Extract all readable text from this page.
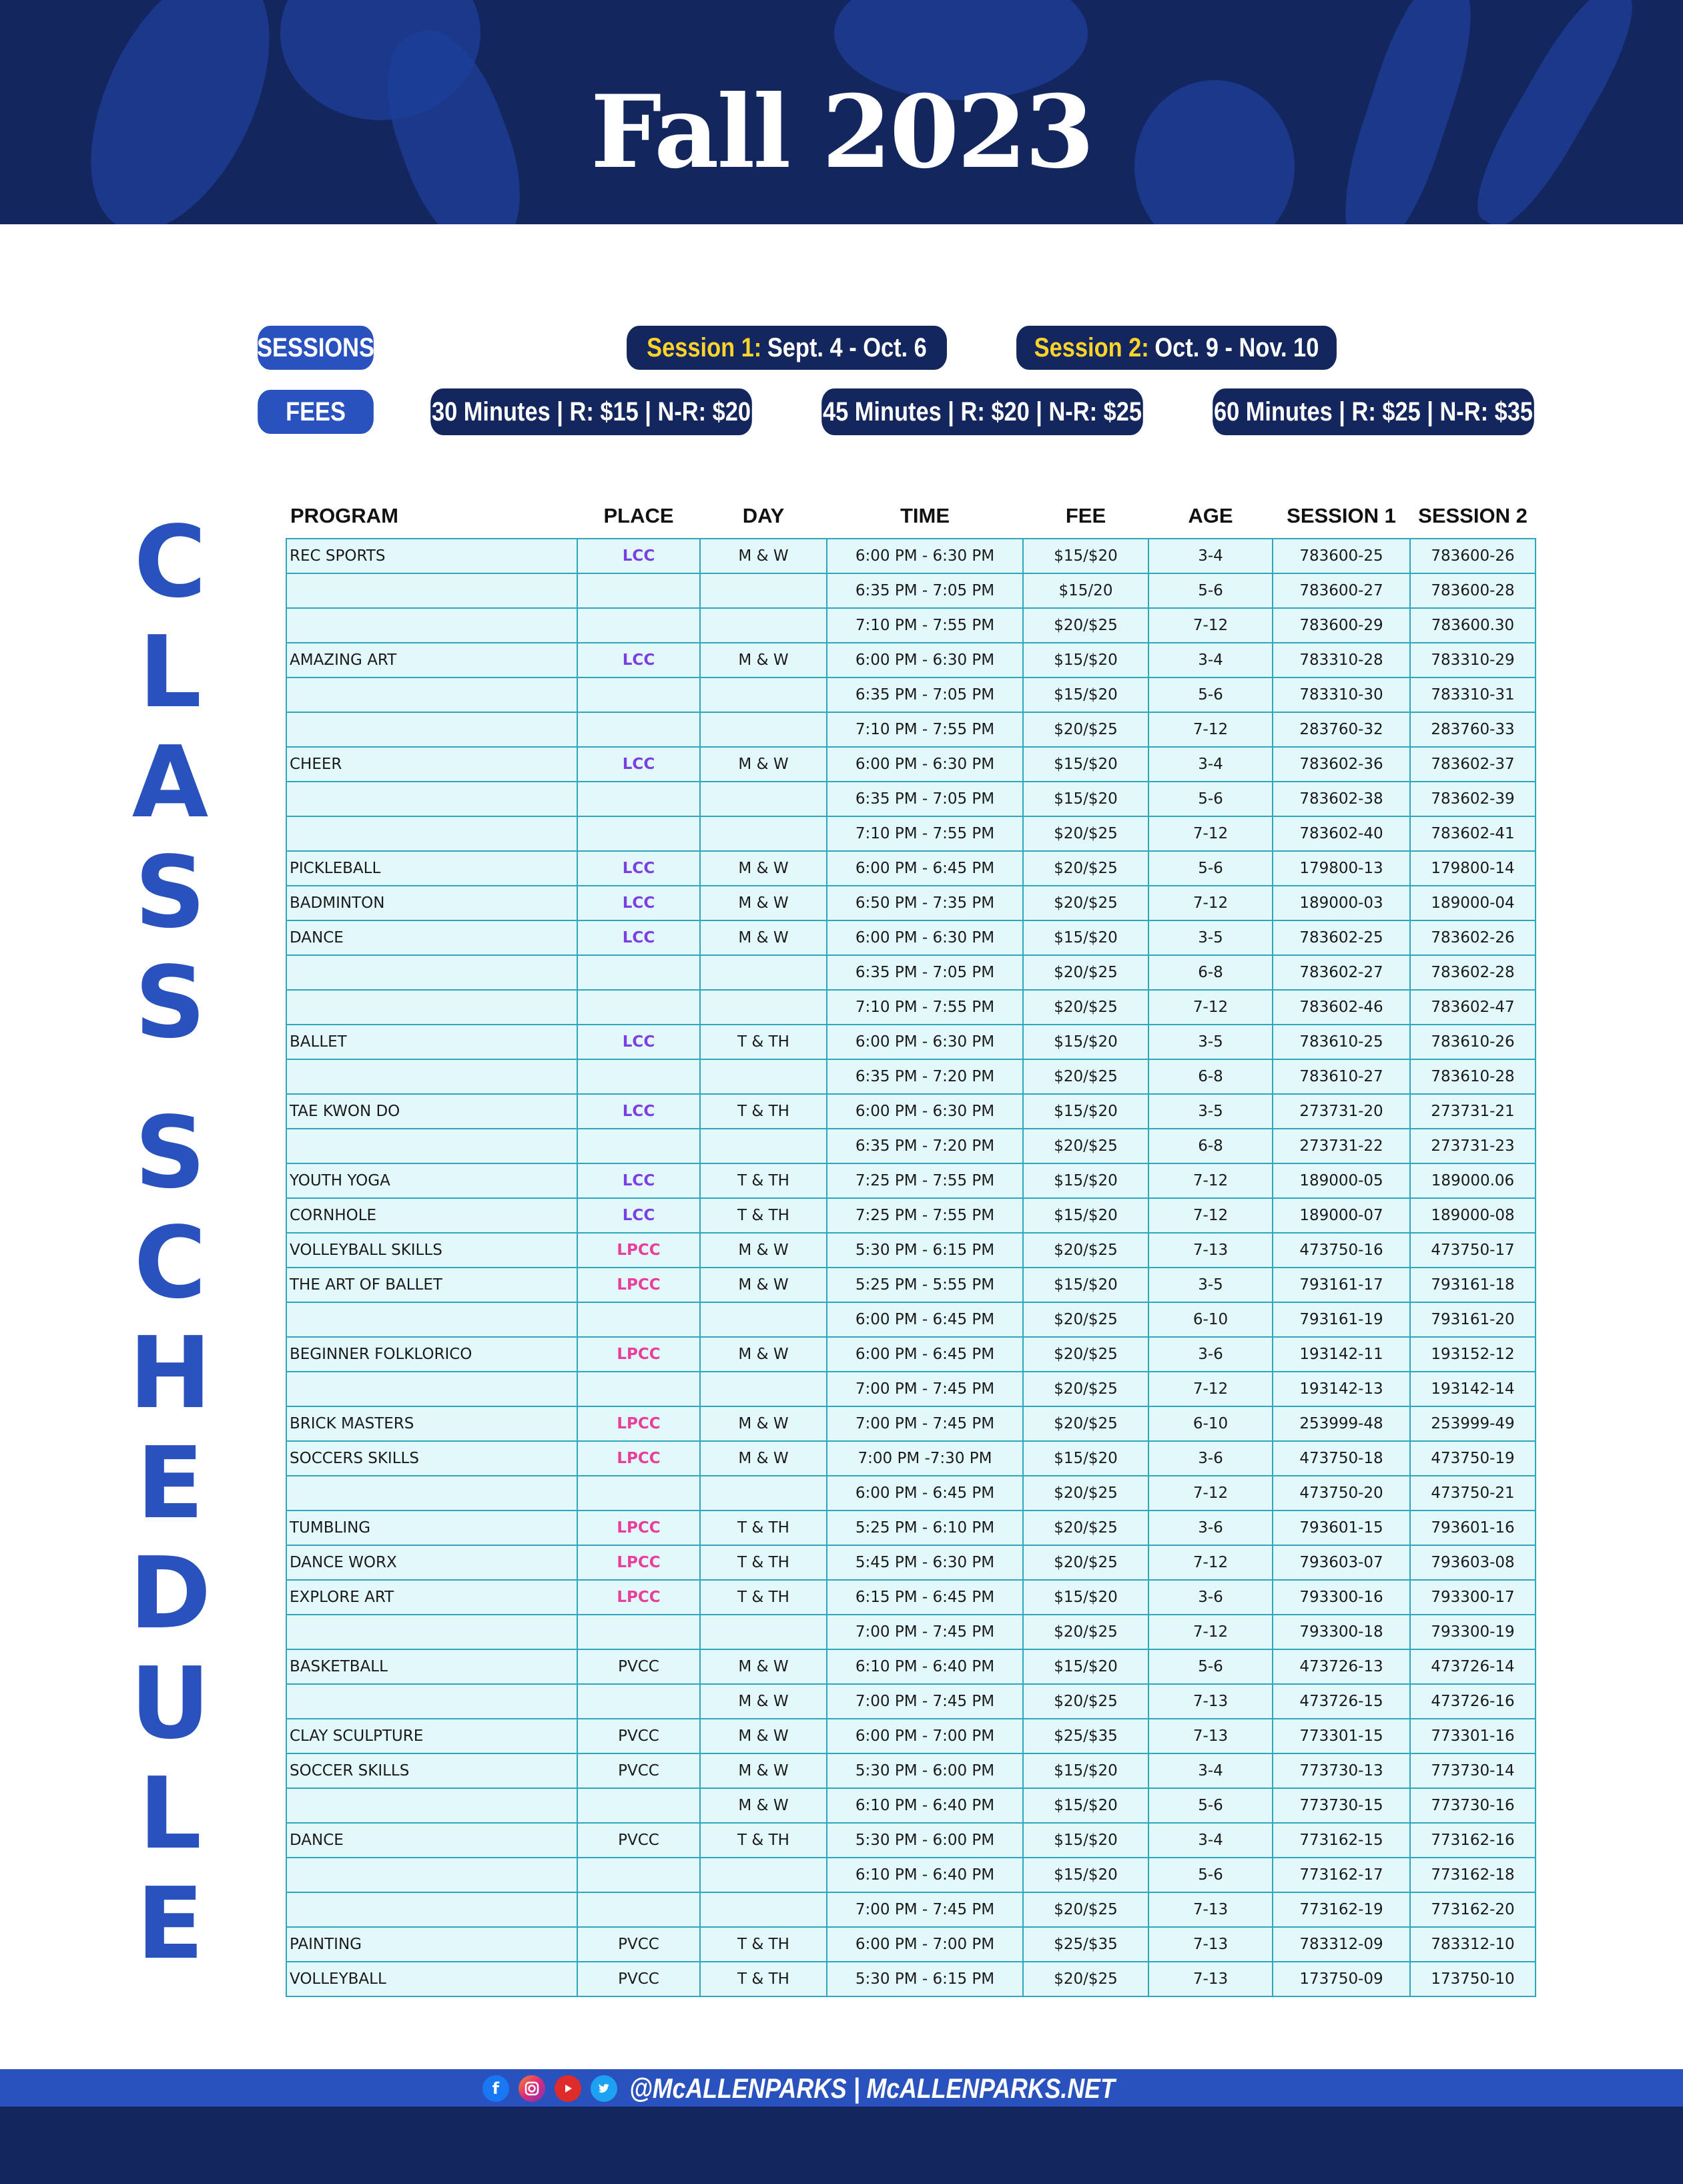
Fall 2023
SESSIONS	Session 1: Sept. 4 - Oct. 6	Session 2: Oct. 9 - Nov. 10
FEES	30 Minutes | R: $15 | N-R: $20	45 Minutes | R: $20 | N-R: $25	60 Minutes | R: $25 | N-R: $35
C
L
A
S
S
S
C
H
E
D
U
L
E
PROGRAM	PLACE	DAY	TIME	FEE	AGE	SESSION 1	SESSION 2
REC SPORTS	LCC	M & W	6:00 PM - 6:30 PM	$15/$20	3-4	783600-25	783600-26
			6:35 PM - 7:05 PM	$15/20	5-6	783600-27	783600-28
			7:10 PM - 7:55 PM	$20/$25	7-12	783600-29	783600.30
AMAZING ART	LCC	M & W	6:00 PM - 6:30 PM	$15/$20	3-4	783310-28	783310-29
			6:35 PM - 7:05 PM	$15/$20	5-6	783310-30	783310-31
			7:10 PM - 7:55 PM	$20/$25	7-12	283760-32	283760-33
CHEER	LCC	M & W	6:00 PM - 6:30 PM	$15/$20	3-4	783602-36	783602-37
			6:35 PM - 7:05 PM	$15/$20	5-6	783602-38	783602-39
			7:10 PM - 7:55 PM	$20/$25	7-12	783602-40	783602-41
PICKLEBALL	LCC	M & W	6:00 PM - 6:45 PM	$20/$25	5-6	179800-13	179800-14
BADMINTON	LCC	M & W	6:50 PM - 7:35 PM	$20/$25	7-12	189000-03	189000-04
DANCE	LCC	M & W	6:00 PM - 6:30 PM	$15/$20	3-5	783602-25	783602-26
			6:35 PM - 7:05 PM	$20/$25	6-8	783602-27	783602-28
			7:10 PM - 7:55 PM	$20/$25	7-12	783602-46	783602-47
BALLET	LCC	T & TH	6:00 PM - 6:30 PM	$15/$20	3-5	783610-25	783610-26
			6:35 PM - 7:20 PM	$20/$25	6-8	783610-27	783610-28
TAE KWON DO	LCC	T & TH	6:00 PM - 6:30 PM	$15/$20	3-5	273731-20	273731-21
			6:35 PM - 7:20 PM	$20/$25	6-8	273731-22	273731-23
YOUTH YOGA	LCC	T & TH	7:25 PM - 7:55 PM	$15/$20	7-12	189000-05	189000.06
CORNHOLE	LCC	T & TH	7:25 PM - 7:55 PM	$15/$20	7-12	189000-07	189000-08
VOLLEYBALL SKILLS	LPCC	M & W	5:30 PM - 6:15 PM	$20/$25	7-13	473750-16	473750-17
THE ART OF BALLET	LPCC	M & W	5:25 PM - 5:55 PM	$15/$20	3-5	793161-17	793161-18
			6:00 PM - 6:45 PM	$20/$25	6-10	793161-19	793161-20
BEGINNER FOLKLORICO	LPCC	M & W	6:00 PM - 6:45 PM	$20/$25	3-6	193142-11	193152-12
			7:00 PM - 7:45 PM	$20/$25	7-12	193142-13	193142-14
BRICK MASTERS	LPCC	M & W	7:00 PM - 7:45 PM	$20/$25	6-10	253999-48	253999-49
SOCCERS SKILLS	LPCC	M & W	7:00 PM -7:30 PM	$15/$20	3-6	473750-18	473750-19
			6:00 PM - 6:45 PM	$20/$25	7-12	473750-20	473750-21
TUMBLING	LPCC	T & TH	5:25 PM - 6:10 PM	$20/$25	3-6	793601-15	793601-16
DANCE WORX	LPCC	T & TH	5:45 PM - 6:30 PM	$20/$25	7-12	793603-07	793603-08
EXPLORE ART	LPCC	T & TH	6:15 PM - 6:45 PM	$15/$20	3-6	793300-16	793300-17
			7:00 PM - 7:45 PM	$20/$25	7-12	793300-18	793300-19
BASKETBALL	PVCC	M & W	6:10 PM - 6:40 PM	$15/$20	5-6	473726-13	473726-14
		M & W	7:00 PM - 7:45 PM	$20/$25	7-13	473726-15	473726-16
CLAY SCULPTURE	PVCC	M & W	6:00 PM - 7:00 PM	$25/$35	7-13	773301-15	773301-16
SOCCER SKILLS	PVCC	M & W	5:30 PM - 6:00 PM	$15/$20	3-4	773730-13	773730-14
		M & W	6:10 PM - 6:40 PM	$15/$20	5-6	773730-15	773730-16
DANCE	PVCC	T & TH	5:30 PM - 6:00 PM	$15/$20	3-4	773162-15	773162-16
			6:10 PM - 6:40 PM	$15/$20	5-6	773162-17	773162-18
			7:00 PM - 7:45 PM	$20/$25	7-13	773162-19	773162-20
PAINTING	PVCC	T & TH	6:00 PM - 7:00 PM	$25/$35	7-13	783312-09	783312-10
VOLLEYBALL	PVCC	T & TH	5:30 PM - 6:15 PM	$20/$25	7-13	173750-09	173750-10
f	@McALLENPARKS | McALLENPARKS.NET
